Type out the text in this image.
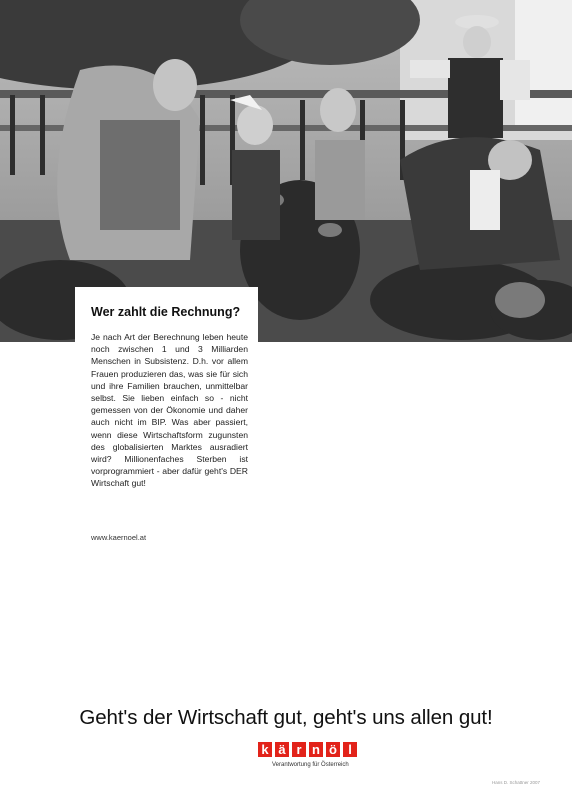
Wer zahlt die Rechnung?

Je nach Art der Berechnung leben heute noch zwischen 1 und 3 Milliarden Menschen in Subsistenz. D.h. vor allem Frauen produzieren das, was sie für sich und ihre Familien brauchen, unmittelbar selbst. Sie lieben einfach so - nicht gemessen von der Ökonomie und daher auch nicht im BIP. Was aber passiert, wenn diese Wirtschaftsform zugunsten des globalisierten Marktes ausradiert wird? Millionenfaches Sterben ist vorprogrammiert - aber dafür geht's DER Wirtschaft gut!

www.kaernoel.at
Geht's der Wirtschaft gut, geht's uns allen gut!
k ä r n ö l
Verantwortung für Österreich
Hans D. Schattner 2007
